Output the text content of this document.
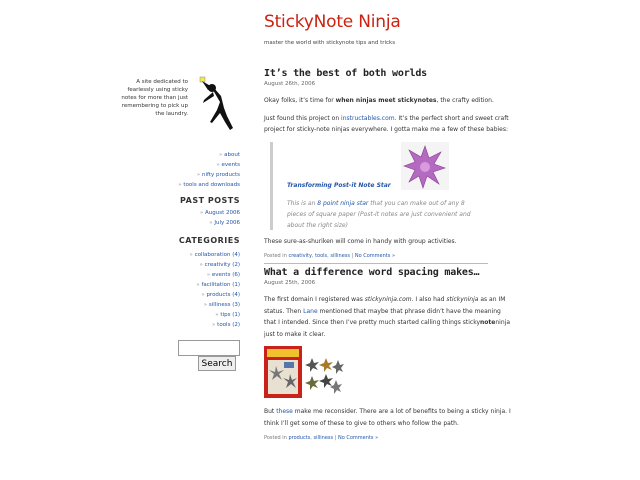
StickyNote Ninja
master the world with stickynote tips and tricks
A site dedicated to fearlessly using sticky notes for more than just remembering to pick up the laundry.
» about
» events
» nifty products
» tools and downloads
PAST POSTS
» August 2006
» July 2006
CATEGORIES
» collaboration (4)
» creativity (2)
» events (6)
» facilitation (1)
» products (4)
» silliness (3)
» tips (1)
» tools (2)
Search
It’s the best of both worlds
August 26th, 2006
Okay folks, it’s time for when ninjas meet stickynotes, the crafty edition.
Just found this project on instructables.com. It’s the perfect short and sweet craft project for sticky-note ninjas everywhere. I gotta make me a few of these babies:
Transforming Post-it Note Star
This is an 8 point ninja star that you can make out of any 8 pieces of square paper (Post-it notes are just convenient and about the right size)
These sure-as-shuriken will come in handy with group activities.
Posted in creativity, tools, silliness | No Comments »
What a difference word spacing makes…
August 25th, 2006
The first domain I registered was stickyninja.com. I also had stickyninja as an IM status. Then Lane mentioned that maybe that phrase didn’t have the meaning that I intended. Since then I’ve pretty much started calling things stickynoteninja just to make it clear.
But these make me reconsider. There are a lot of benefits to being a sticky ninja. I think I’ll get some of these to give to others who follow the path.
Posted in products, silliness | No Comments »
